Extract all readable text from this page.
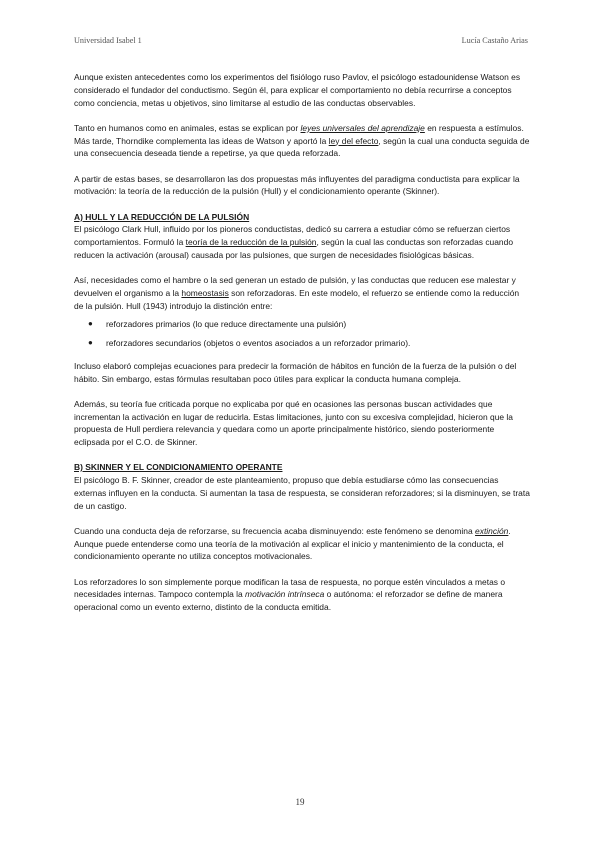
Universidad Isabel 1	Lucía Castaño Arias

Aunque existen antecedentes como los experimentos del fisiólogo ruso Pavlov, el psicólogo estadounidense Watson es considerado el fundador del conductismo. Según él, para explicar el comportamiento no debía recurrirse a conceptos como conciencia, metas u objetivos, sino limitarse al estudio de las conductas observables.

Tanto en humanos como en animales, estas se explican por leyes universales del aprendizaje en respuesta a estímulos. Más tarde, Thorndike complementa las ideas de Watson y aportó la ley del efecto, según la cual una conducta seguida de una consecuencia deseada tiende a repetirse, ya que queda reforzada.

A partir de estas bases, se desarrollaron las dos propuestas más influyentes del paradigma conductista para explicar la motivación: la teoría de la reducción de la pulsión (Hull) y el condicionamiento operante (Skinner).

A) HULL Y LA REDUCCIÓN DE LA PULSIÓN

El psicólogo Clark Hull, influido por los pioneros conductistas, dedicó su carrera a estudiar cómo se refuerzan ciertos comportamientos. Formuló la teoría de la reducción de la pulsión, según la cual las conductas son reforzadas cuando reducen la activación (arousal) causada por las pulsiones, que surgen de necesidades fisiológicas básicas.

Así, necesidades como el hambre o la sed generan un estado de pulsión, y las conductas que reducen ese malestar y devuelven el organismo a la homeostasis son reforzadoras. En este modelo, el refuerzo se entiende como la reducción de la pulsión. Hull (1943) introdujo la distinción entre:

● reforzadores primarios (lo que reduce directamente una pulsión)
● reforzadores secundarios (objetos o eventos asociados a un reforzador primario).

Incluso elaboró complejas ecuaciones para predecir la formación de hábitos en función de la fuerza de la pulsión o del hábito. Sin embargo, estas fórmulas resultaban poco útiles para explicar la conducta humana compleja.

Además, su teoría fue criticada porque no explicaba por qué en ocasiones las personas buscan actividades que incrementan la activación en lugar de reducirla. Estas limitaciones, junto con su excesiva complejidad, hicieron que la propuesta de Hull perdiera relevancia y quedara como un aporte principalmente histórico, siendo posteriormente eclipsada por el C.O. de Skinner.

B) SKINNER Y EL CONDICIONAMIENTO OPERANTE

El psicólogo B. F. Skinner, creador de este planteamiento, propuso que debía estudiarse cómo las consecuencias externas influyen en la conducta. Si aumentan la tasa de respuesta, se consideran reforzadores; si la disminuyen, se trata de un castigo.

Cuando una conducta deja de reforzarse, su frecuencia acaba disminuyendo: este fenómeno se denomina extinción. Aunque puede entenderse como una teoría de la motivación al explicar el inicio y mantenimiento de la conducta, el condicionamiento operante no utiliza conceptos motivacionales.

Los reforzadores lo son simplemente porque modifican la tasa de respuesta, no porque estén vinculados a metas o necesidades internas. Tampoco contempla la motivación intrínseca o autónoma: el reforzador se define de manera operacional como un evento externo, distinto de la conducta emitida.

19
